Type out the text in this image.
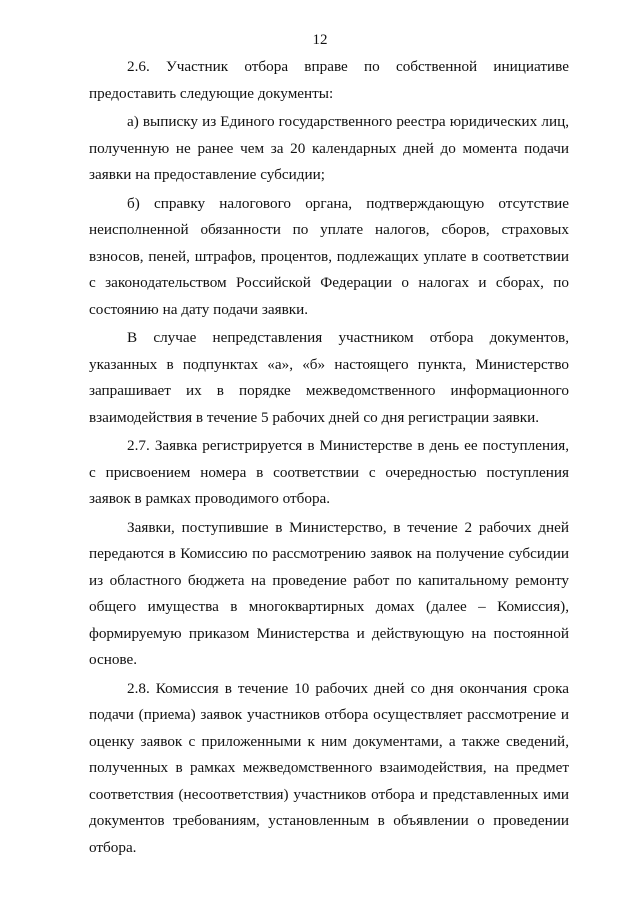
12

2.6. Участник отбора вправе по собственной инициативе предоставить следующие документы:

а) выписку из Единого государственного реестра юридических лиц, полученную не ранее чем за 20 календарных дней до момента подачи заявки на предоставление субсидии;

б) справку налогового органа, подтверждающую отсутствие неисполненной обязанности по уплате налогов, сборов, страховых взносов, пеней, штрафов, процентов, подлежащих уплате в соответствии с законодательством Российской Федерации о налогах и сборах, по состоянию на дату подачи заявки.

В случае непредставления участником отбора документов, указанных в подпунктах «а», «б» настоящего пункта, Министерство запрашивает их в порядке межведомственного информационного взаимодействия в течение 5 рабочих дней со дня регистрации заявки.

2.7. Заявка регистрируется в Министерстве в день ее поступления, с присвоением номера в соответствии с очередностью поступления заявок в рамках проводимого отбора.

Заявки, поступившие в Министерство, в течение 2 рабочих дней передаются в Комиссию по рассмотрению заявок на получение субсидии из областного бюджета на проведение работ по капитальному ремонту общего имущества в многоквартирных домах (далее – Комиссия), формируемую приказом Министерства и действующую на постоянной основе.

2.8. Комиссия в течение 10 рабочих дней со дня окончания срока подачи (приема) заявок участников отбора осуществляет рассмотрение и оценку заявок с приложенными к ним документами, а также сведений, полученных в рамках межведомственного взаимодействия, на предмет соответствия (несоответствия) участников отбора и представленных ими документов требованиям, установленным в объявлении о проведении отбора.
